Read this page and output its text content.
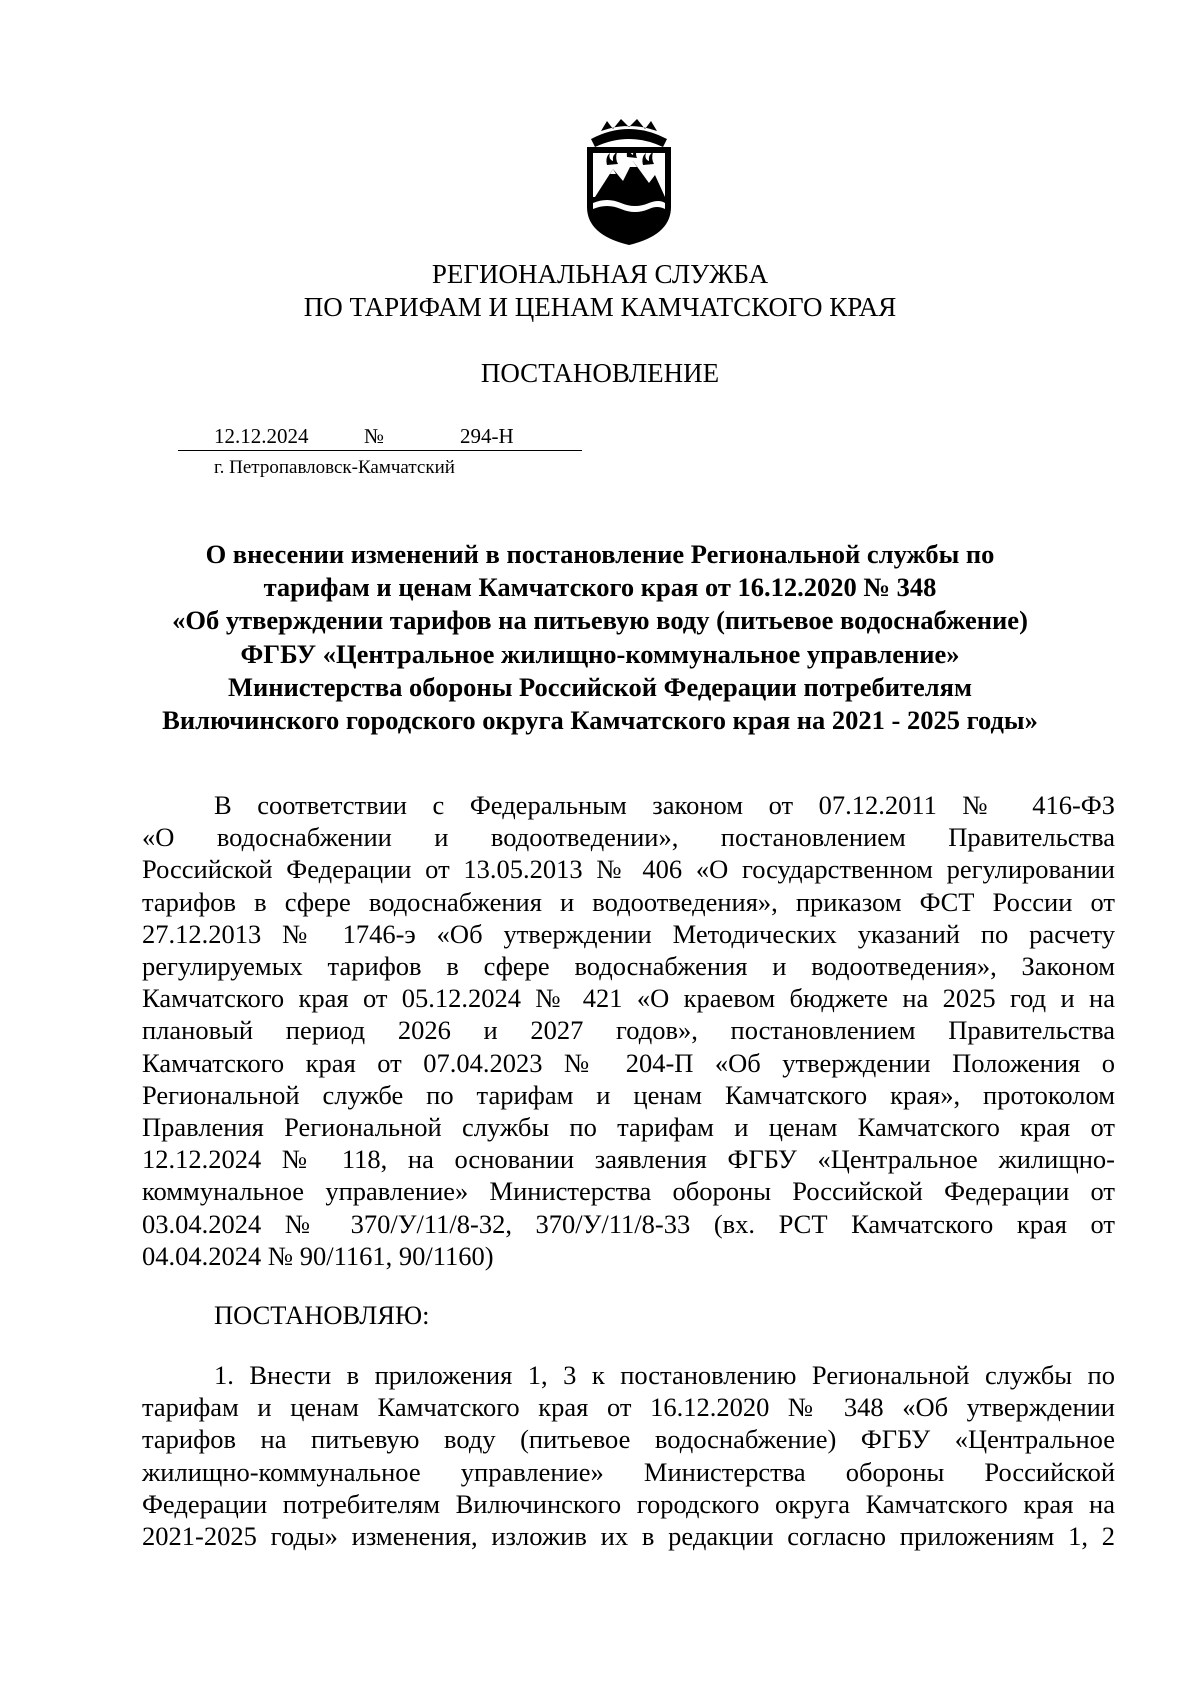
РЕГИОНАЛЬНАЯ СЛУЖБА
ПО ТАРИФАМ И ЦЕНАМ КАМЧАТСКОГО КРАЯ
ПОСТАНОВЛЕНИЕ
12.12.2024	№	294-Н
г. Петропавловск-Камчатский
О внесении изменений в постановление Региональной службы по
тарифам и ценам Камчатского края от 16.12.2020 № 348
«Об утверждении тарифов на питьевую воду (питьевое водоснабжение)
ФГБУ «Центральное жилищно-коммунальное управление»
Министерства обороны Российской Федерации потребителям
Вилючинского городского округа Камчатского края на 2021 - 2025 годы»
В соответствии с Федеральным законом от 07.12.2011 № 416-ФЗ
«О водоснабжении и водоотведении», постановлением Правительства
Российской Федерации от 13.05.2013 № 406 «О государственном регулировании
тарифов в сфере водоснабжения и водоотведения», приказом ФСТ России от
27.12.2013 № 1746-э «Об утверждении Методических указаний по расчету
регулируемых тарифов в сфере водоснабжения и водоотведения», Законом
Камчатского края от 05.12.2024 № 421 «О краевом бюджете на 2025 год и на
плановый период 2026 и 2027 годов», постановлением Правительства
Камчатского края от 07.04.2023 № 204-П «Об утверждении Положения о
Региональной службе по тарифам и ценам Камчатского края», протоколом
Правления Региональной службы по тарифам и ценам Камчатского края от
12.12.2024 № 118, на основании заявления ФГБУ «Центральное жилищно-
коммунальное управление» Министерства обороны Российской Федерации от
03.04.2024 № 370/У/11/8-32, 370/У/11/8-33 (вх. РСТ Камчатского края от
04.04.2024 № 90/1161, 90/1160)
ПОСТАНОВЛЯЮ:
1. Внести в приложения 1, 3 к постановлению Региональной службы по
тарифам и ценам Камчатского края от 16.12.2020 № 348 «Об утверждении
тарифов на питьевую воду (питьевое водоснабжение) ФГБУ «Центральное
жилищно-коммунальное управление» Министерства обороны Российской
Федерации потребителям Вилючинского городского округа Камчатского края на
2021-2025 годы» изменения, изложив их в редакции согласно приложениям 1, 2
